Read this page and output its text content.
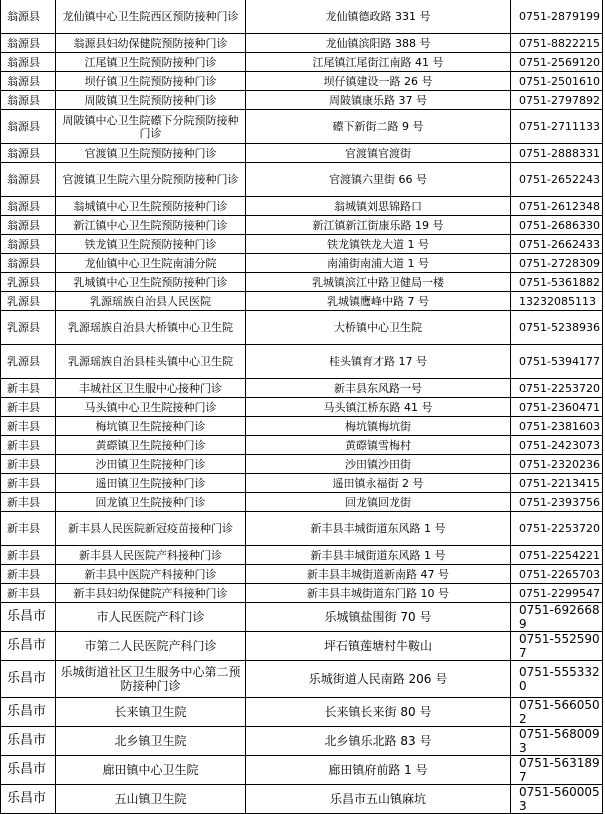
翁源县	龙仙镇中心卫生院西区预防接种门诊	龙仙镇德政路 331 号	0751-2879199
翁源县	翁源县妇幼保健院预防接种门诊	龙仙镇滨阳路 388 号	0751-8822215
翁源县	江尾镇卫生院预防接种门诊	江尾镇江尾街江南路 41 号	0751-2569120
翁源县	坝仔镇卫生院预防接种门诊	坝仔镇建设一路 26 号	0751-2501610
翁源县	周陂镇卫生院预防接种门诊	周陂镇康乐路 37 号	0751-2797892
翁源县	周陂镇中心卫生院礤下分院预防接种门诊	礤下新街二路 9 号	0751-2711133
翁源县	官渡镇卫生院预防接种门诊	官渡镇官渡街	0751-2888331
翁源县	官渡镇卫生院六里分院预防接种门诊	官渡镇六里街 66 号	0751-2652243
翁源县	翁城镇中心卫生院预防接种门诊	翁城镇刘思锦路口	0751-2612348
翁源县	新江镇中心卫生院预防接种门诊	新江镇新江街康乐路 19 号	0751-2686330
翁源县	铁龙镇卫生院预防接种门诊	铁龙镇铁龙大道 1 号	0751-2662433
翁源县	龙仙镇中心卫生院南浦分院	南浦街南浦大道 1 号	0751-2728309
乳源县	乳城镇中心卫生院预防接种门诊	乳城镇滨江中路卫健局一楼	0751-5361882
乳源县	乳源瑶族自治县人民医院	乳城镇鹰峰中路 7 号	13232085113
乳源县	乳源瑶族自治县大桥镇中心卫生院	大桥镇中心卫生院	0751-5238936
乳源县	乳源瑶族自治县桂头镇中心卫生院	桂头镇育才路 17 号	0751-5394177
新丰县	丰城社区卫生服中心接种门诊	新丰县东风路一号	0751-2253720
新丰县	马头镇中心卫生院接种门诊	马头镇江桥东路 41 号	0751-2360471
新丰县	梅坑镇卫生院接种门诊	梅坑镇梅坑街	0751-2381603
新丰县	黄磜镇卫生院接种门诊	黄磜镇雪梅村	0751-2423073
新丰县	沙田镇卫生院接种门诊	沙田镇沙田街	0751-2320236
新丰县	遥田镇卫生院接种门诊	遥田镇永福街 2 号	0751-2213415
新丰县	回龙镇卫生院接种门诊	回龙镇回龙街	0751-2393756
新丰县	新丰县人民医院新冠疫苗接种门诊	新丰县丰城街道东风路 1 号	0751-2253720
新丰县	新丰县人民医院产科接种门诊	新丰县丰城街道东风路 1 号	0751-2254221
新丰县	新丰县中医院产科接种门诊	新丰县丰城街道新南路 47 号	0751-2265703
新丰县	新丰县妇幼保健院产科接种门诊	新丰县丰城街道东门路 10 号	0751-2299547
乐昌市	市人民医院产科门诊	乐城镇盐围街 70 号	0751-6926689
乐昌市	市第二人民医院产科门诊	坪石镇莲塘村牛鞍山	0751-5525907
乐昌市	乐城街道社区卫生服务中心第二预防接种门诊	乐城街道人民南路 206 号	0751-5553320
乐昌市	长来镇卫生院	长来镇长来街 80 号	0751-5660502
乐昌市	北乡镇卫生院	北乡镇乐北路 83 号	0751-5680093
乐昌市	廊田镇中心卫生院	廊田镇府前路 1 号	0751-5631897
乐昌市	五山镇卫生院	乐昌市五山镇麻坑	0751-5600053
